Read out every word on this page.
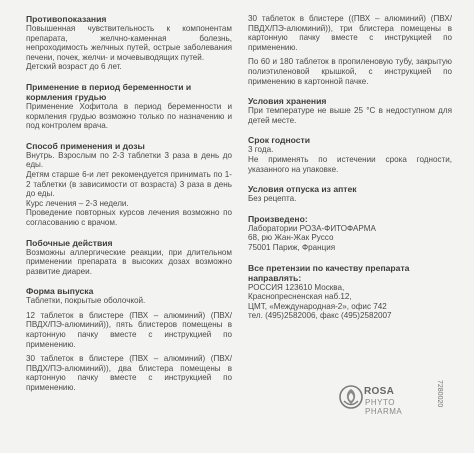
Противопоказания

Повышенная чувствительность к компонентам препарата, желчно-каменная болезнь, непроходимость желчных путей, острые заболевания печени, почек, желчи- и мочевыводящих путей.

Детский возраст до 6 лет.

Применение в период беременности и кормления грудью

Применение Хофитола в период беременности и кормления грудью возможно только по назначению и под контролем врача.

Способ применения и дозы

Внутрь. Взрослым по 2-3 таблетки 3 раза в день до еды.

Детям старше 6-и лет рекомендуется принимать по 1-2 таблетки (в зависимости от возраста) 3 раза в день до еды.

Курс лечения – 2-3 недели.

Проведение повторных курсов лечения возможно по согласованию с врачом.

Побочные действия

Возможны аллергические реакции, при длительном применении препарата в высоких дозах возможно развитие диареи.

Форма выпуска

Таблетки, покрытые оболочкой.

12 таблеток в блистере (ПВХ – алюминий) (ПВХ/ ПВДХ/ПЭ-алюминий)), пять блистеров помещены в картонную пачку вместе с инструкцией по применению.

30 таблеток в блистере (ПВХ – алюминий) (ПВХ/ ПВДХ/ПЭ-алюминий)), два блистера помещены в картонную пачку вместе с инструкцией по применению.

30 таблеток в блистере ((ПВХ – алюминий) (ПВХ/ ПВДХ/ПЭ-алюминий)), три блистера помещены в картонную пачку вместе с инструкцией по применению.

По 60 и 180 таблеток в пропиленовую тубу, закрытую полиэтиленовой крышкой, с инструкцией по применению в картонной пачке.

Условия хранения

При температуре не выше 25 °С в недоступном для детей месте.

Срок годности

3 года.

Не применять по истечении срока годности, указанного на упаковке.

Условия отпуска из аптек

Без рецепта.

Произведено:

Лаборатории РОЗА-ФИТОФАРМА

68, рю Жан-Жак Руссо

75001 Париж, Франция

Все претензии по качеству препарата направлять:

РОССИЯ 123610 Москва,

Краснопресненская наб.12,

ЦМТ, «Международная-2», офис 742

тел. (495)2582006, факс (495)2582007

ROSA
PHYTO
PHARMA
7280020
